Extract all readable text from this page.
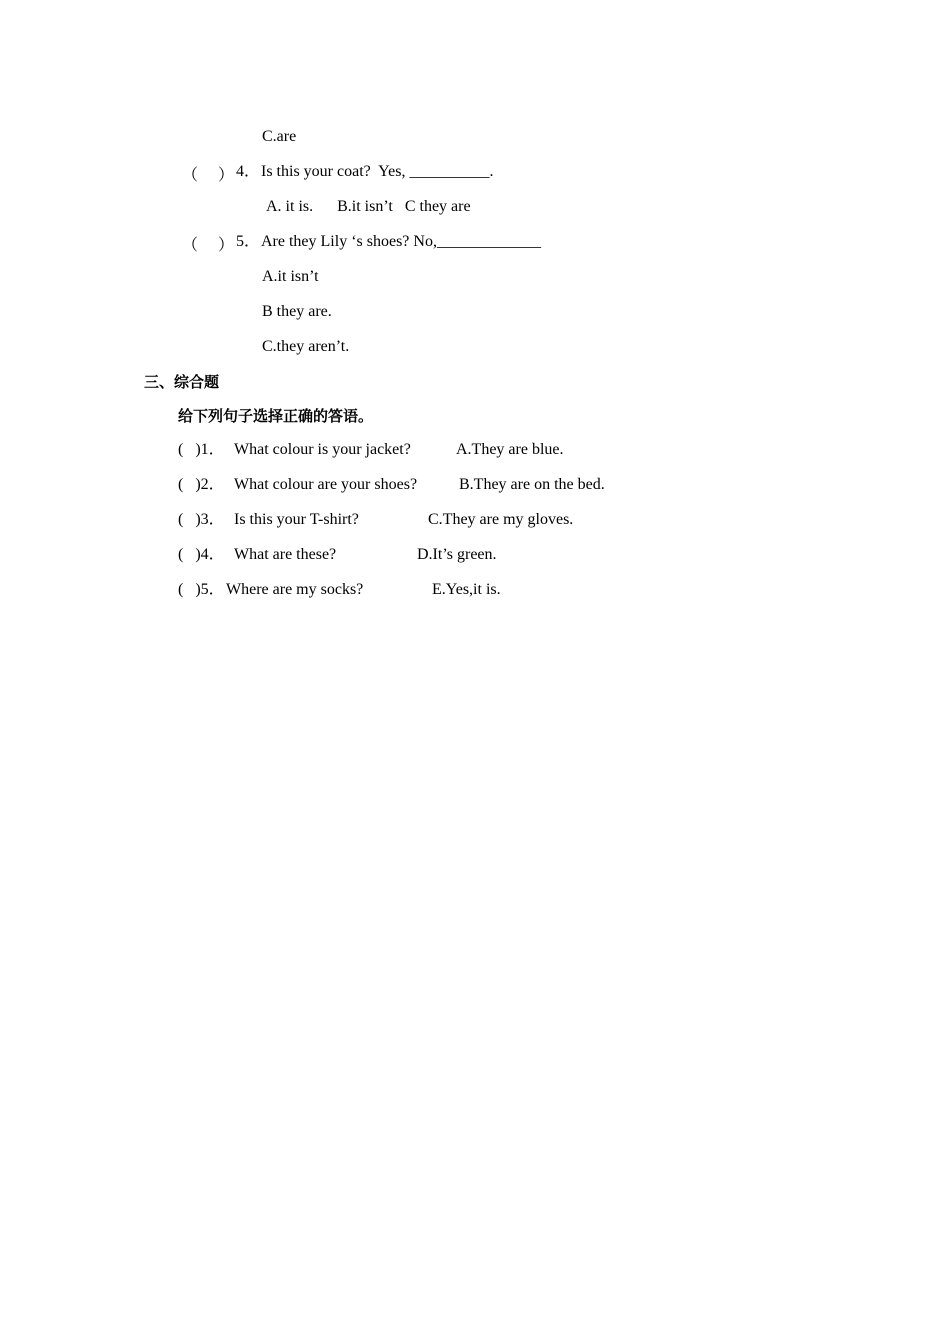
C.are
（ ） 4． Is this your coat?  Yes, __________.
A. it is.      B.it isn’t   C they are
（ ） 5． Are they Lily ‘s shoes? No,_____________
A.it isn’t
B they are.
C.they aren’t.
三、综合题
给下列句子选择正确的答语。
(   )1． What colour is your jacket?	A.They are blue.
(   )2． What colour are your shoes?	B.They are on the bed.
(   )3． Is this your T-shirt?	C.They are my gloves.
(   )4． What are these?	D.It’s green.
(   )5． Where are my socks?	E.Yes,it is.
